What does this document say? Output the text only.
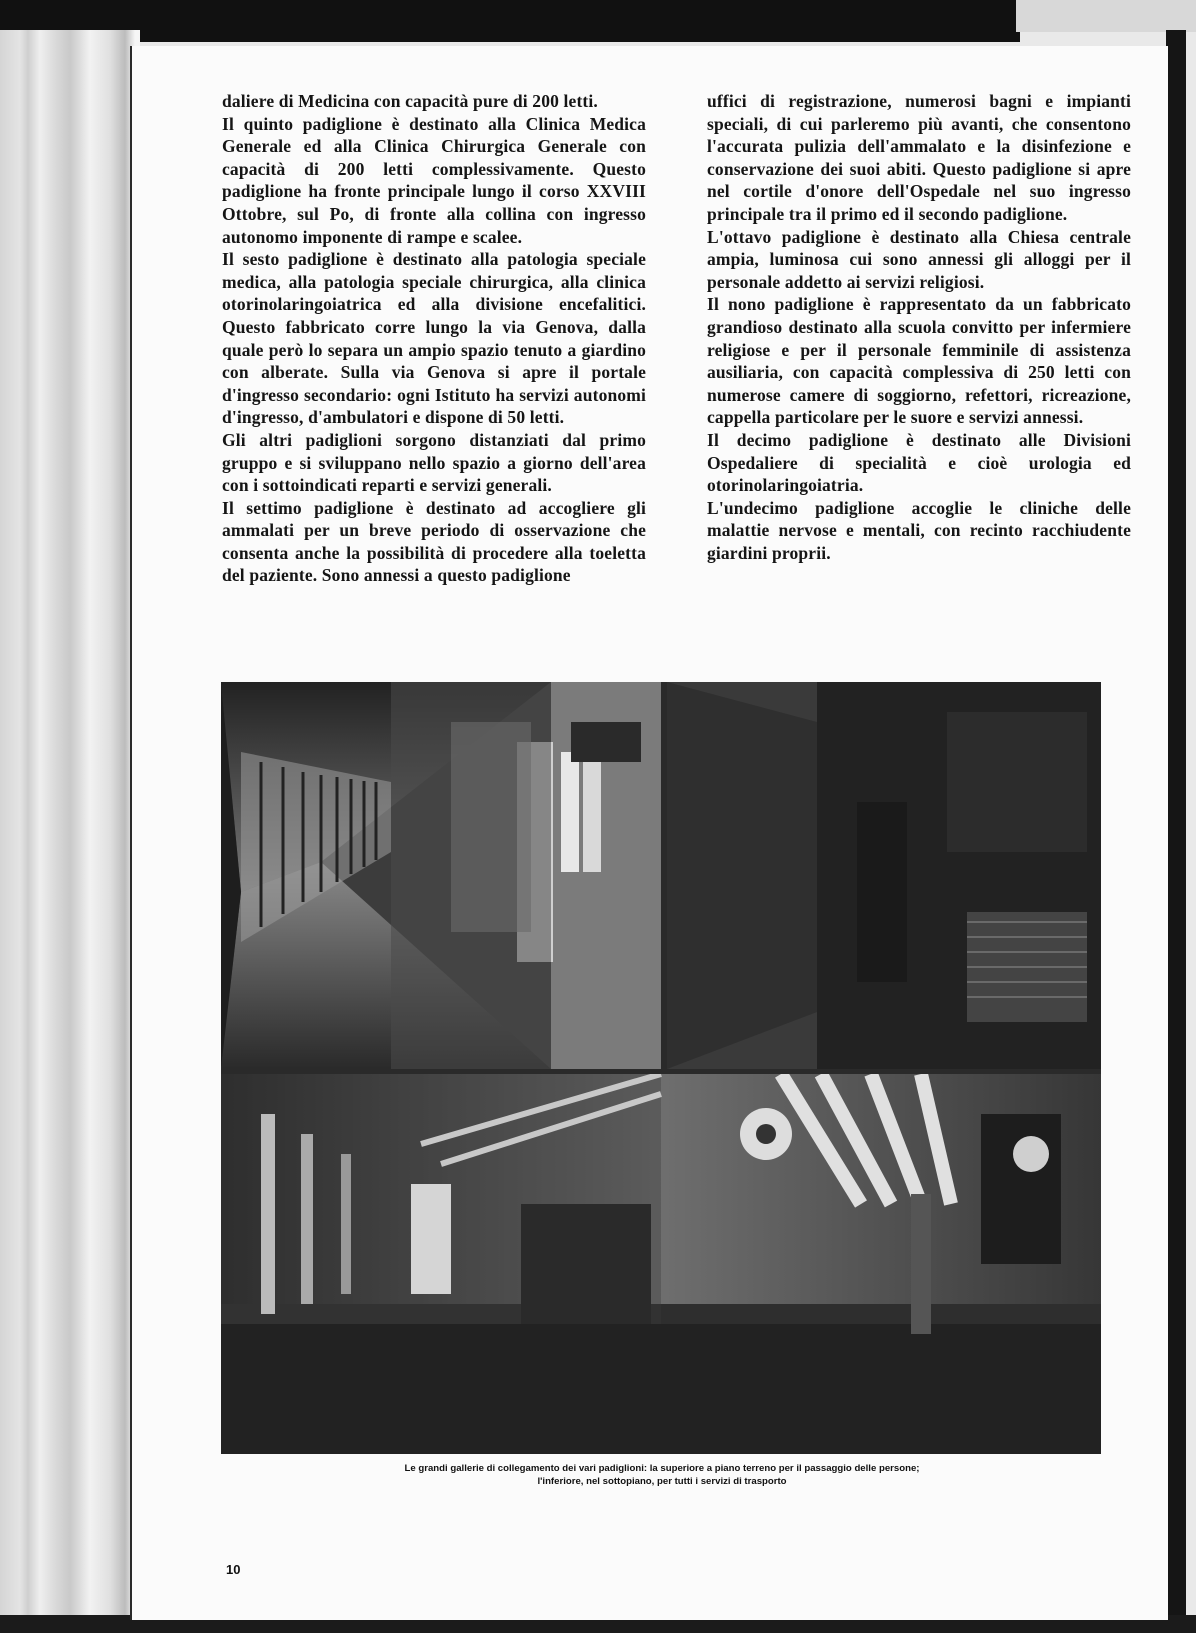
daliere di Medicina con capacità pure di 200 letti.

Il quinto padiglione è destinato alla Clinica Medica Generale ed alla Clinica Chirurgica Generale con capacità di 200 letti complessivamente. Questo padiglione ha fronte principale lungo il corso XXVIII Ottobre, sul Po, di fronte alla collina con ingresso autonomo imponente di rampe e scalee.

Il sesto padiglione è destinato alla patologia speciale medica, alla patologia speciale chirurgica, alla clinica otorinolaringoiatrica ed alla divisione encefalitici. Questo fabbricato corre lungo la via Genova, dalla quale però lo separa un ampio spazio tenuto a giardino con alberate. Sulla via Genova si apre il portale d'ingresso secondario: ogni Istituto ha servizi autonomi d'ingresso, d'ambulatori e dispone di 50 letti.

Gli altri padiglioni sorgono distanziati dal primo gruppo e si sviluppano nello spazio a giorno dell'area con i sottoindicati reparti e servizi generali.

Il settimo padiglione è destinato ad accogliere gli ammalati per un breve periodo di osservazione che consenta anche la possibilità di procedere alla toeletta del paziente. Sono annessi a questo padiglione

uffici di registrazione, numerosi bagni e impianti speciali, di cui parleremo più avanti, che consentono l'accurata pulizia dell'ammalato e la disinfezione e conservazione dei suoi abiti. Questo padiglione si apre nel cortile d'onore dell'Ospedale nel suo ingresso principale tra il primo ed il secondo padiglione.

L'ottavo padiglione è destinato alla Chiesa centrale ampia, luminosa cui sono annessi gli alloggi per il personale addetto ai servizi religiosi.

Il nono padiglione è rappresentato da un fabbricato grandioso destinato alla scuola convitto per infermiere religiose e per il personale femminile di assistenza ausiliaria, con capacità complessiva di 250 letti con numerose camere di soggiorno, refettori, ricreazione, cappella particolare per le suore e servizi annessi.

Il decimo padiglione è destinato alle Divisioni Ospedaliere di specialità e cioè urologia ed otorinolaringoiatria.

L'undecimo padiglione accoglie le cliniche delle malattie nervose e mentali, con recinto racchiudente giardini proprii.

Le grandi gallerie di collegamento dei vari padiglioni: la superiore a piano terreno per il passaggio delle persone;
l'inferiore, nel sottopiano, per tutti i servizi di trasporto
10
